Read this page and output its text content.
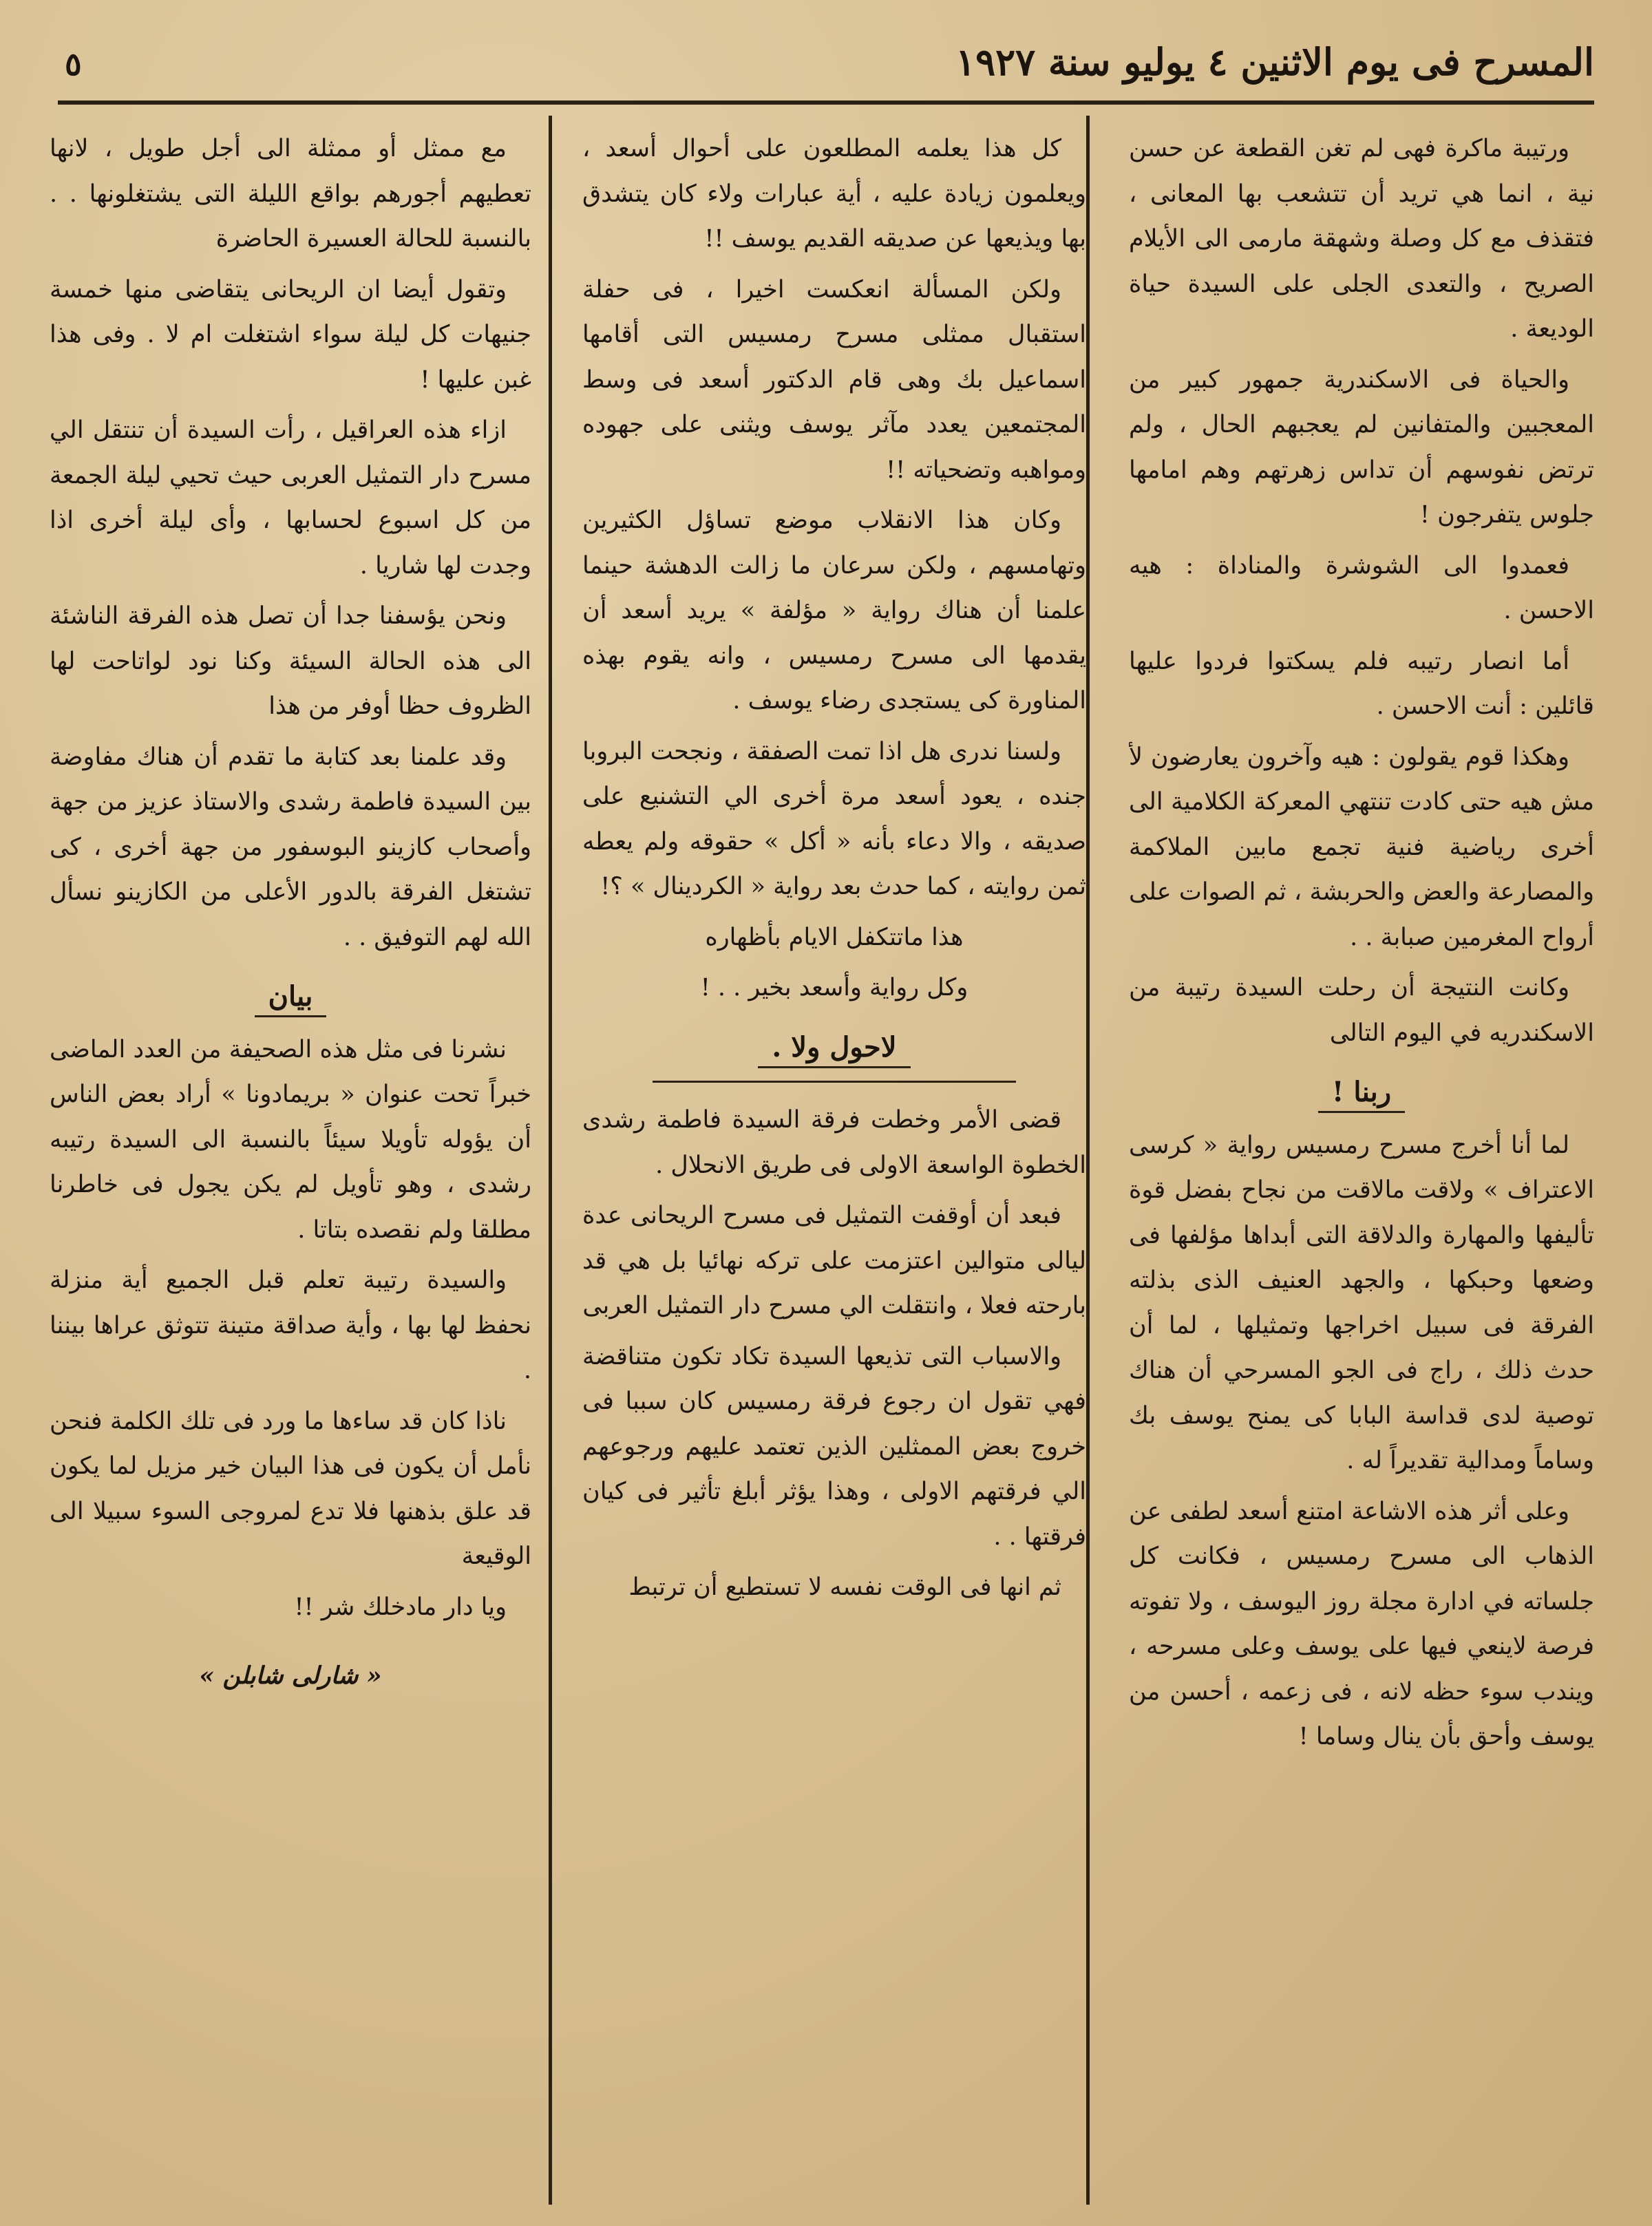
المسرح فى يوم الاثنين ٤ يوليو سنة ١٩٢٧
٥

ورتيبة ماكرة فهى لم تغن القطعة عن حسن نية ، انما هي تريد أن تتشعب بها المعانى ، فتقذف مع كل وصلة وشهقة مارمى الى الأيلام الصريح ، والتعدى الجلى على السيدة حياة الوديعة .

والحياة فى الاسكندرية جمهور كبير من المعجبين والمتفانين لم يعجبهم الحال ، ولم ترتض نفوسهم أن تداس زهرتهم وهم امامها جلوس يتفرجون !

فعمدوا الى الشوشرة والمناداة : هيه الاحسن .

أما انصار رتيبه فلم يسكتوا فردوا عليها قائلين : أنت الاحسن .

وهكذا قوم يقولون : هيه وآخرون يعارضون لأ مش هيه حتى كادت تنتهي المعركة الكلامية الى أخرى رياضية فنية تجمع مابين الملاكمة والمصارعة والعض والحربشة ، ثم الصوات على أرواح المغرمين صبابة . .

وكانت النتيجة أن رحلت السيدة رتيبة من الاسكندريه في اليوم التالى

ربنا !

لما أنا أخرج مسرح رمسيس رواية « كرسى الاعتراف » ولاقت مالاقت من نجاح بفضل قوة تأليفها والمهارة والدلاقة التى أبداها مؤلفها فى وضعها وحبكها ، والجهد العنيف الذى بذلته الفرقة فى سبيل اخراجها وتمثيلها ، لما أن حدث ذلك ، راج فى الجو المسرحي أن هناك توصية لدى قداسة البابا كى يمنح يوسف بك وساماً ومدالية تقديراً له .

وعلى أثر هذه الاشاعة امتنع أسعد لطفى عن الذهاب الى مسرح رمسيس ، فكانت كل جلساته في ادارة مجلة روز اليوسف ، ولا تفوته فرصة لاينعي فيها على يوسف وعلى مسرحه ، ويندب سوء حظه لانه ، فى زعمه ، أحسن من يوسف وأحق بأن ينال وساما !

كل هذا يعلمه المطلعون على أحوال أسعد ، ويعلمون زيادة عليه ، أية عبارات ولاء كان يتشدق بها ويذيعها عن صديقه القديم يوسف !!

ولكن المسألة انعكست اخيرا ، فى حفلة استقبال ممثلى مسرح رمسيس التى أقامها اسماعيل بك وهى قام الدكتور أسعد فى وسط المجتمعين يعدد مآثر يوسف ويثنى على جهوده ومواهبه وتضحياته !!

وكان هذا الانقلاب موضع تساؤل الكثيرين وتهامسهم ، ولكن سرعان ما زالت الدهشة حينما علمنا أن هناك رواية « مؤلفة » يريد أسعد أن يقدمها الى مسرح رمسيس ، وانه يقوم بهذه المناورة كى يستجدى رضاء يوسف .

ولسنا ندرى هل اذا تمت الصفقة ، ونجحت البروبا جنده ، يعود أسعد مرة أخرى الي التشنيع على صديقه ، والا دعاء بأنه « أكل » حقوقه ولم يعطه ثمن روايته ، كما حدث بعد رواية « الكردينال » ؟!

هذا ماتتكفل الايام بأظهاره

وكل رواية وأسعد بخير . . !

لاحول ولا .

قضى الأمر وخطت فرقة السيدة فاطمة رشدى الخطوة الواسعة الاولى فى طريق الانحلال .

فبعد أن أوقفت التمثيل فى مسرح الريحانى عدة ليالى متوالين اعتزمت على تركه نهائيا بل هي قد بارحته فعلا ، وانتقلت الي مسرح دار التمثيل العربى

والاسباب التى تذيعها السيدة تكاد تكون متناقضة فهي تقول ان رجوع فرقة رمسيس كان سببا فى خروج بعض الممثلين الذين تعتمد عليهم ورجوعهم الي فرقتهم الاولى ، وهذا يؤثر أبلغ تأثير فى كيان فرقتها . .

ثم انها فى الوقت نفسه لا تستطيع أن ترتبط

مع ممثل أو ممثلة الى أجل طويل ، لانها تعطيهم أجورهم بواقع الليلة التى يشتغلونها . . بالنسبة للحالة العسيرة الحاضرة

وتقول أيضا ان الريحانى يتقاضى منها خمسة جنيهات كل ليلة سواء اشتغلت ام لا . وفى هذا غبن عليها !

ازاء هذه العراقيل ، رأت السيدة أن تنتقل الي مسرح دار التمثيل العربى حيث تحيي ليلة الجمعة من كل اسبوع لحسابها ، وأى ليلة أخرى اذا وجدت لها شاريا .

ونحن يؤسفنا جدا أن تصل هذه الفرقة الناشئة الى هذه الحالة السيئة وكنا نود لواتاحت لها الظروف حظا أوفر من هذا

وقد علمنا بعد كتابة ما تقدم أن هناك مفاوضة بين السيدة فاطمة رشدى والاستاذ عزيز من جهة وأصحاب كازينو البوسفور من جهة أخرى ، كى تشتغل الفرقة بالدور الأعلى من الكازينو نسأل الله لهم التوفيق . .

بيان

نشرنا فى مثل هذه الصحيفة من العدد الماضى خبراً تحت عنوان « بريمادونا » أراد بعض الناس أن يؤوله تأويلا سيئاً بالنسبة الى السيدة رتيبه رشدى ، وهو تأويل لم يكن يجول فى خاطرنا مطلقا ولم نقصده بتاتا .

والسيدة رتيبة تعلم قبل الجميع أية منزلة نحفظ لها بها ، وأية صداقة متينة تتوثق عراها بيننا .

ناذا كان قد ساءها ما ورد فى تلك الكلمة فنحن نأمل أن يكون فى هذا البيان خير مزيل لما يكون قد علق بذهنها فلا تدع لمروجى السوء سبيلا الى الوقيعة

ويا دار مادخلك شر !!

« شارلى شابلن »
